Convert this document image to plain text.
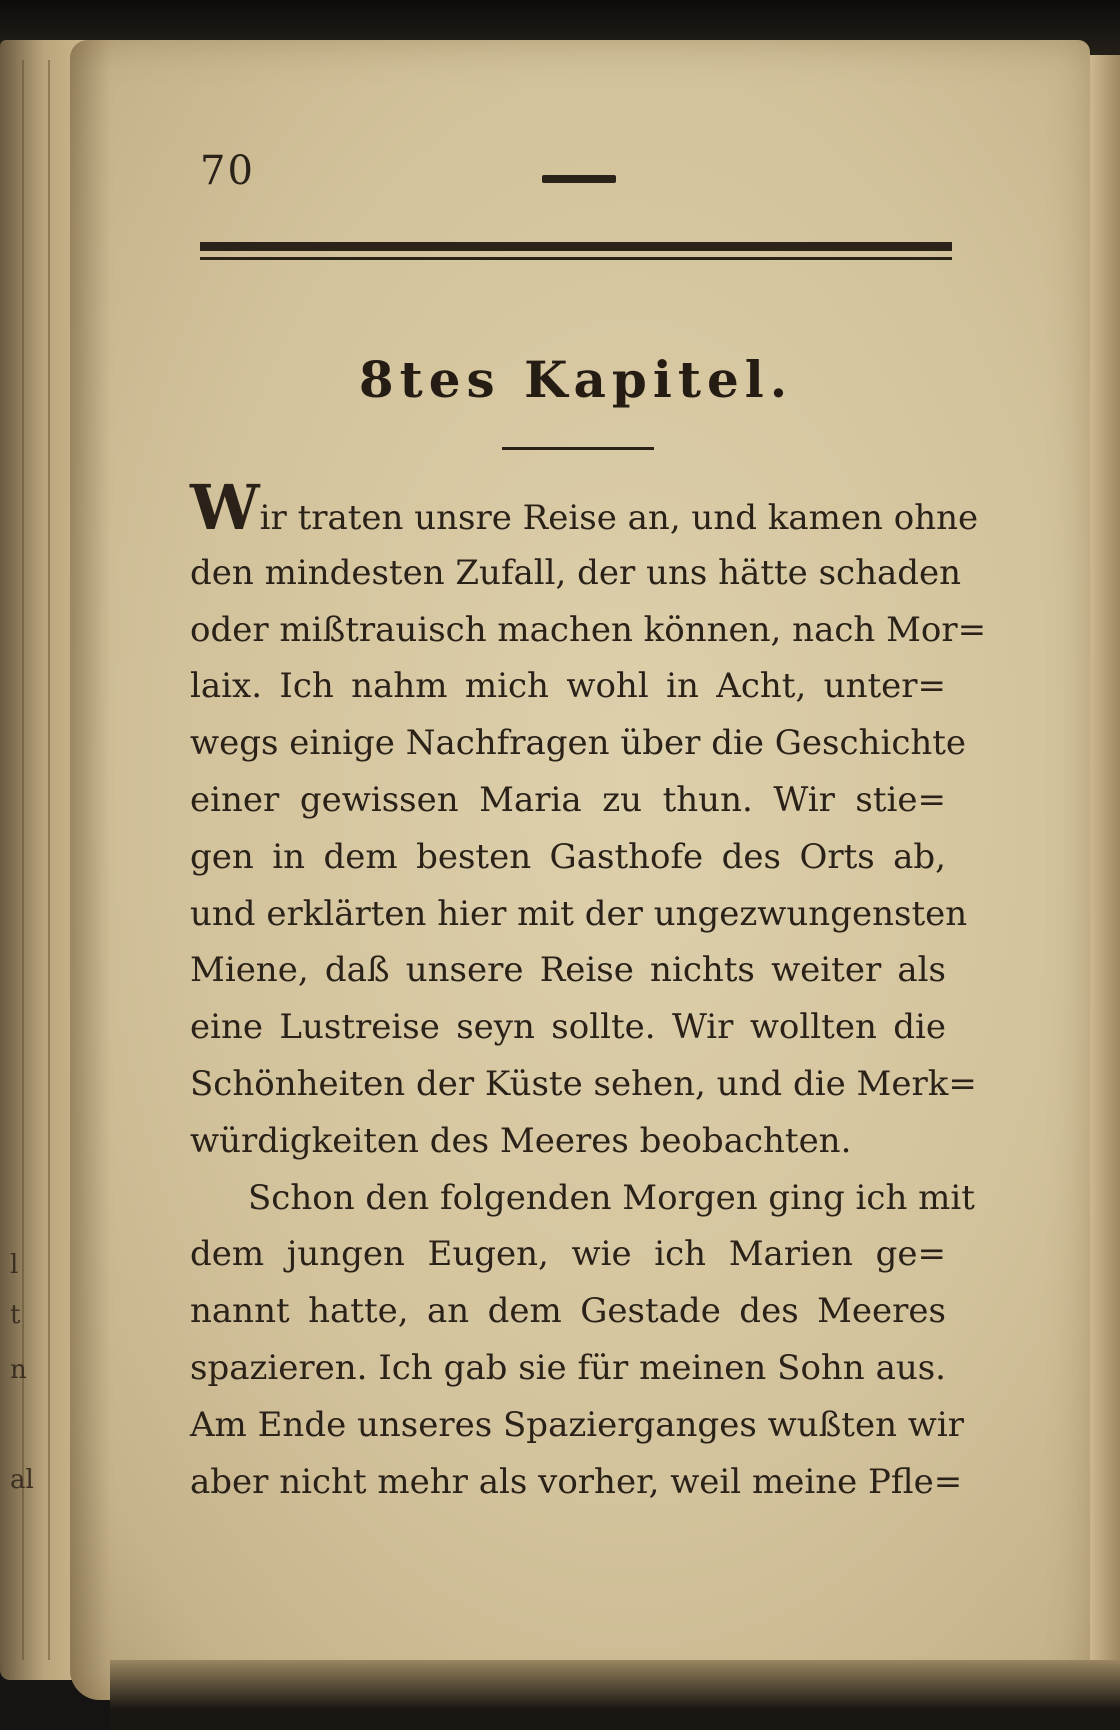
l
t
n
al
70
8tes Kapitel.
Wir traten unsre Reise an, und kamen ohne
den mindesten Zufall, der uns hätte schaden
oder mißtrauisch machen können, nach Mor=
laix. Ich nahm mich wohl in Acht, unter=
wegs einige Nachfragen über die Geschichte
einer gewissen Maria zu thun. Wir stie=
gen in dem besten Gasthofe des Orts ab,
und erklärten hier mit der ungezwungensten
Miene, daß unsere Reise nichts weiter als
eine Lustreise seyn sollte. Wir wollten die
Schönheiten der Küste sehen, und die Merk=
würdigkeiten des Meeres beobachten.
Schon den folgenden Morgen ging ich mit
dem jungen Eugen, wie ich Marien ge=
nannt hatte, an dem Gestade des Meeres
spazieren. Ich gab sie für meinen Sohn aus.
Am Ende unseres Spazierganges wußten wir
aber nicht mehr als vorher, weil meine Pfle=
